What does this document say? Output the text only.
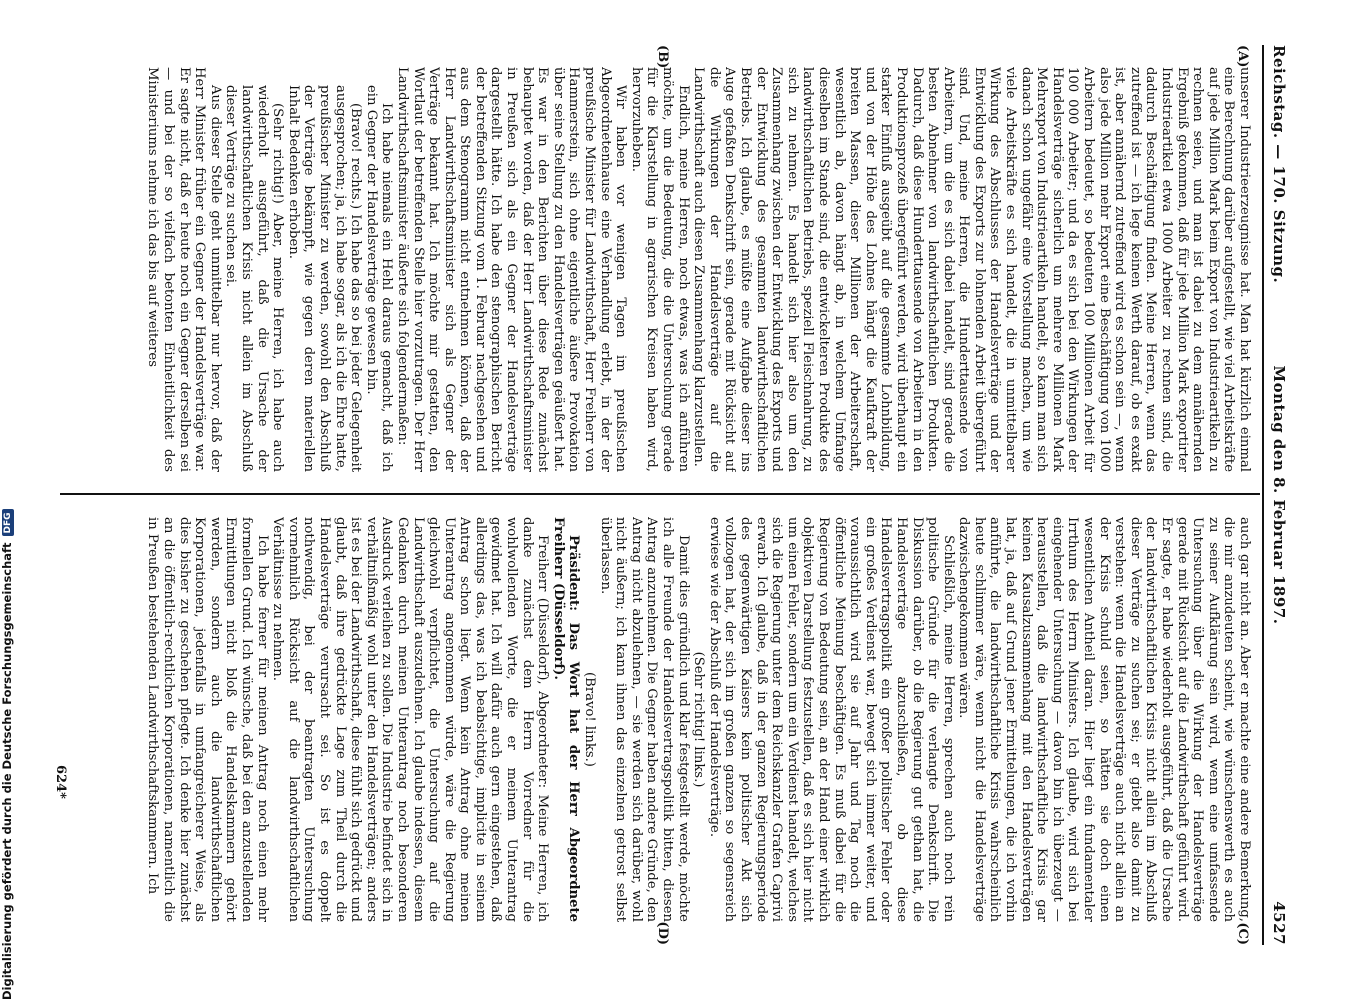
Reichstag. — 170. Sitzung.
Montag den 8. Februar 1897.
4527
(A)
(B)
(C)
(D)

unserer Industrieerzeugnisse hat. Man hat kürzlich einmal eine Berechnung darüber aufgestellt, wie viel Arbeitskräfte auf jede Million Mark beim Export von Industrieartikeln zu rechnen seien, und man ist dabei zu dem annähernden Ergebniß gekommen, daß für jede Million Mark exportirter Industrieartikel etwa 1000 Arbeiter zu rechnen sind, die dadurch Beschäftigung finden. Meine Herren, wenn das zutreffend ist — ich lege keinen Werth darauf, ob es exakt ist, aber annähernd zutreffend wird es schon sein —, wenn also jede Million mehr Export eine Beschäftigung von 1000 Arbeitern bedeutet, so bedeuten 100 Millionen Arbeit für 100 000 Arbeiter; und da es sich bei den Wirkungen der Handelsverträge sicherlich um mehrere Millionen Mark Mehrexport von Industrieartikeln handelt, so kann man sich danach schon ungefähr eine Vorstellung machen, um wie viele Arbeitskräfte es sich handelt, die in unmittelbarer Wirkung des Abschlusses der Handelsverträge und der Entwicklung des Exports zur lohnenden Arbeit übergeführt sind. Und, meine Herren, die Hunderttausende von Arbeitern, um die es sich dabei handelt, sind gerade die besten Abnehmer von landwirthschaftlichen Produkten. Dadurch, daß diese Hunderttausende von Arbeitern in den Produktionsprozeß übergeführt werden, wird überhaupt ein starker Einfluß ausgeübt auf die gesammte Lohnbildung, und von der Höhe des Lohnes hängt die Kaufkraft der breiten Massen, dieser Millionen der Arbeiterschaft, wesentlich ab, davon hängt ab, in welchem Umfange dieselben im Stande sind, die entwickelteren Produkte des landwirthschaftlichen Betriebs, speziell Fleischnahrung, zu sich zu nehmen. Es handelt sich hier also um den Zusammenhang zwischen der Entwicklung des Exports und der Entwicklung des gesammten landwirthschaftlichen Betriebs. Ich glaube, es müßte eine Aufgabe dieser ins Auge gefaßten Denkschrift sein, gerade mit Rücksicht auf die Wirkungen der Handelsverträge auf die Landwirthschaft auch diesen Zusammenhang klarzustellen.

Endlich, meine Herren, noch etwas, was ich anführen möchte, um die Bedeutung, die die Untersuchung gerade für die Klarstellung in agrarischen Kreisen haben wird, hervorzuheben.

Wir haben vor wenigen Tagen im preußischen Abgeordnetenhause eine Verhandlung erlebt, in der der preußische Minister für Landwirthschaft, Herr Freiherr von Hammerstein, sich ohne eigentliche äußere Provokation über seine Stellung zu den Handelsverträgen geäußert hat. Es war in den Berichten über diese Rede zunächst behauptet worden, daß der Herr Landwirthschaftsminister in Preußen sich als ein Gegner der Handelsverträge dargestellt hätte. Ich habe den stenographischen Bericht der betreffenden Sitzung vom 1. Februar nachgesehen und aus dem Stenogramm nicht entnehmen können, daß der Herr Landwirthschaftsminister sich als Gegner der Verträge bekannt hat. Ich möchte mir gestatten, den Wortlaut der betreffenden Stelle hier vorzutragen. Der Herr Landwirthschaftsminister äußerte sich folgendermaßen:

Ich habe niemals ein Hehl daraus gemacht, daß ich ein Gegner der Handelsverträge gewesen bin.

(Bravo! rechts.) Ich habe das so bei jeder Gelegenheit ausgesprochen; ja, ich habe sogar, als ich die Ehre hatte, preußischer Minister zu werden, sowohl den Abschluß der Verträge bekämpft, wie gegen deren materiellen Inhalt Bedenken erhoben.

(Sehr richtig!) Aber, meine Herren, ich habe auch wiederholt ausgeführt, daß die Ursache der landwirthschaftlichen Krisis nicht allein im Abschluß dieser Verträge zu suchen sei.

Aus dieser Stelle geht unmittelbar nur hervor, daß der Herr Minister früher ein Gegner der Handelsverträge war. Er sagte nicht, daß er heute noch ein Gegner derselben sei — und bei der so vielfach betonten Einheitlichkeit des Ministeriums nehme ich das bis auf weiteres

auch gar nicht an. Aber er machte eine andere Bemerkung, die mir anzudeuten scheint, wie wünschenswerth es auch zu seiner Aufklärung sein wird, wenn eine umfassende Untersuchung über die Wirkung der Handelsverträge gerade mit Rücksicht auf die Landwirthschaft geführt wird. Er sagte, er habe wiederholt ausgeführt, daß die Ursache der landwirthschaftlichen Krisis nicht allein im Abschluß dieser Verträge zu suchen sei; er giebt also damit zu verstehen: wenn die Handelsverträge auch nicht allein an der Krisis schuld seien, so hätten sie doch einen wesentlichen Antheil daran. Hier liegt ein fundamentaler Irrthum des Herrn Ministers. Ich glaube, wird sich bei eingehender Untersuchung — davon bin ich überzeugt — herausstellen, daß die landwirthschaftliche Krisis gar keinen Kausalzusammenhang mit den Handelsverträgen hat, ja, daß auf Grund jener Ermittelungen, die ich vorhin anführte, die landwirthschaftliche Krisis wahrscheinlich heute schlimmer wäre, wenn nicht die Handelsverträge dazwischengekommen wären.

Schließlich, meine Herren, sprechen auch noch rein politische Gründe für die verlangte Denkschrift. Die Diskussion darüber, ob die Regierung gut gethan hat, die Handelsverträge abzuschließen, ob diese Handelsvertragspolitik ein großer politischer Fehler oder ein großes Verdienst war, bewegt sich immer weiter, und voraussichtlich wird sie auf Jahr und Tag noch die öffentliche Meinung beschäftigen. Es muß dabei für die Regierung von Bedeutung sein, an der Hand einer wirklich objektiven Darstellung festzustellen, daß es sich hier nicht um einen Fehler, sondern um ein Verdienst handelt, welches sich die Regierung unter dem Reichskanzler Grafen Caprivi erwarb. Ich glaube, daß in der ganzen Regierungsperiode des gegenwärtigen Kaisers kein politischer Akt sich vollzogen hat, der sich im großen ganzen so segensreich erwiese wie der Abschluß der Handelsverträge.

(Sehr richtig! links.)

Damit dies gründlich und klar festgestellt werde, möchte ich alle Freunde der Handelsvertragspolitik bitten, diesen Antrag anzunehmen. Die Gegner haben andere Gründe, den Antrag nicht abzulehnen, — sie werden sich darüber, wohl nicht äußern; ich kann ihnen das einzelnen getrost selbst überlassen.

(Bravo! links.)

Präsident: Das Wort hat der Herr Abgeordnete Freiherr (Düsseldorf).

Freiherr (Düsseldorf), Abgeordneter: Meine Herren, ich danke zunächst dem Herrn Vorredner für die wohlwollenden Worte, die er meinem Unterantrag gewidmet hat. Ich will dafür auch gern eingestehen, daß allerdings das, was ich beabsichtige, implicite in seinem Antrag schon liegt. Wenn kein Antrag ohne meinen Unterantrag angenommen würde, wäre die Regierung gleichwohl verpflichtet, die Untersuchung auf die Landwirthschaft auszudehnen. Ich glaube indessen, diesem Gedanken durch meinen Unterantrag noch besonderen Ausdruck verleihen zu sollen. Die Industrie befindet sich in verhältnißmäßig wohl unter den Handelsverträgen; anders ist es bei der Landwirthschaft, diese fühlt sich gedrückt und glaubt, daß ihre gedrückte Lage zum Theil durch die Handelsverträge verursacht sei. So ist es doppelt nothwendig, bei der beantragten Untersuchung vornehmlich Rücksicht auf die landwirthschaftlichen Verhältnisse zu nehmen.

Ich habe ferner für meinen Antrag noch einen mehr formellen Grund. Ich wünsche, daß bei den anzustellenden Ermittlungen nicht bloß die Handelskammern gehört werden, sondern auch die landwirthschaftlichen Korporationen, jedenfalls in umfangreicherer Weise, als dies bisher zu geschehen pflegte. Ich denke hier zunächst an die öffentlich-rechtlichen Korporationen, namentlich die in Preußen bestehenden Landwirthschaftskammern. Ich

624*
Digitalisierung gefördert durch die Deutsche ForschungsgemeinschaftDFG
